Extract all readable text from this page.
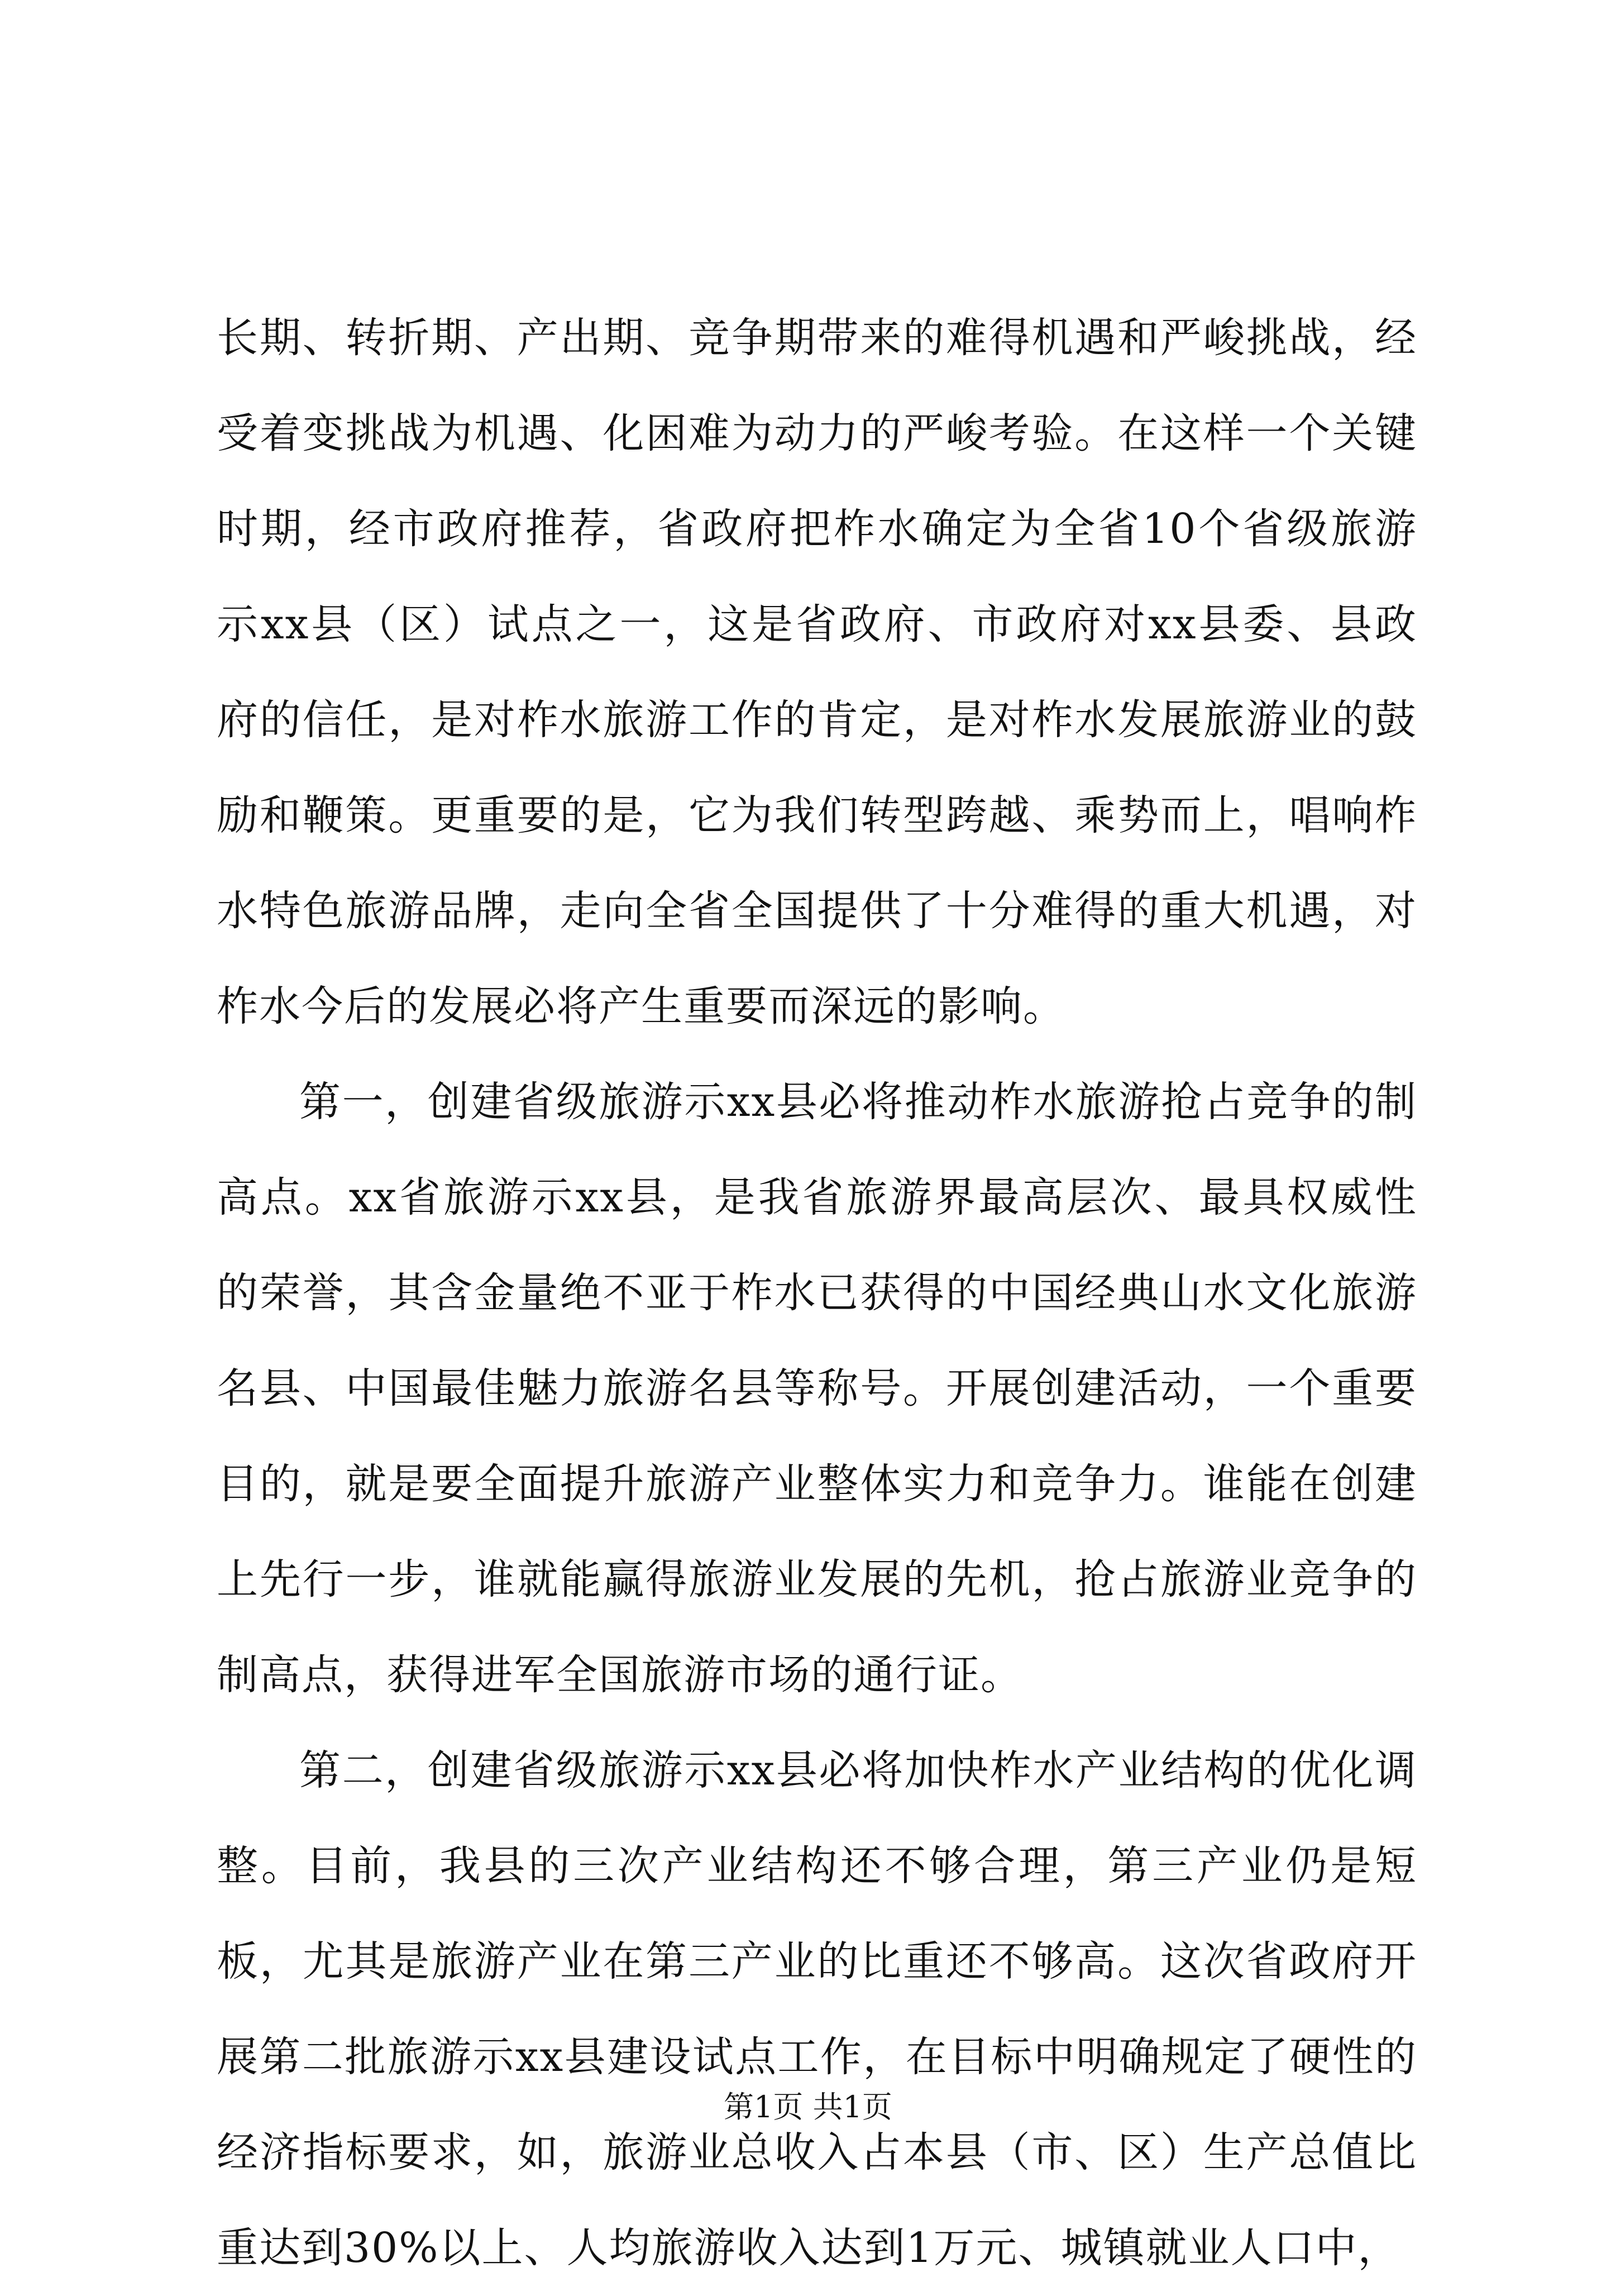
长期、转折期、产出期、竞争期带来的难得机遇和严峻挑战，经受着变挑战为机遇、化困难为动力的严峻考验。在这样一个关键时期，经市政府推荐，省政府把柞水确定为全省10个省级旅游示xx县（区）试点之一，这是省政府、市政府对xx县委、县政府的信任，是对柞水旅游工作的肯定，是对柞水发展旅游业的鼓励和鞭策。更重要的是，它为我们转型跨越、乘势而上，唱响柞水特色旅游品牌，走向全省全国提供了十分难得的重大机遇，对柞水今后的发展必将产生重要而深远的影响。

第一，创建省级旅游示xx县必将推动柞水旅游抢占竞争的制高点。xx省旅游示xx县，是我省旅游界最高层次、最具权威性的荣誉，其含金量绝不亚于柞水已获得的中国经典山水文化旅游名县、中国最佳魅力旅游名县等称号。开展创建活动，一个重要目的，就是要全面提升旅游产业整体实力和竞争力。谁能在创建上先行一步，谁就能赢得旅游业发展的先机，抢占旅游业竞争的制高点，获得进军全国旅游市场的通行证。

第二，创建省级旅游示xx县必将加快柞水产业结构的优化调整。目前，我县的三次产业结构还不够合理，第三产业仍是短板，尤其是旅游产业在第三产业的比重还不够高。这次省政府开展第二批旅游示xx县建设试点工作，在目标中明确规定了硬性的经济指标要求，如，旅游业总收入占本县（市、区）生产总值比重达到30%以上、人均旅游收入达到1万元、城镇就业人口中，

第1页 共1页
